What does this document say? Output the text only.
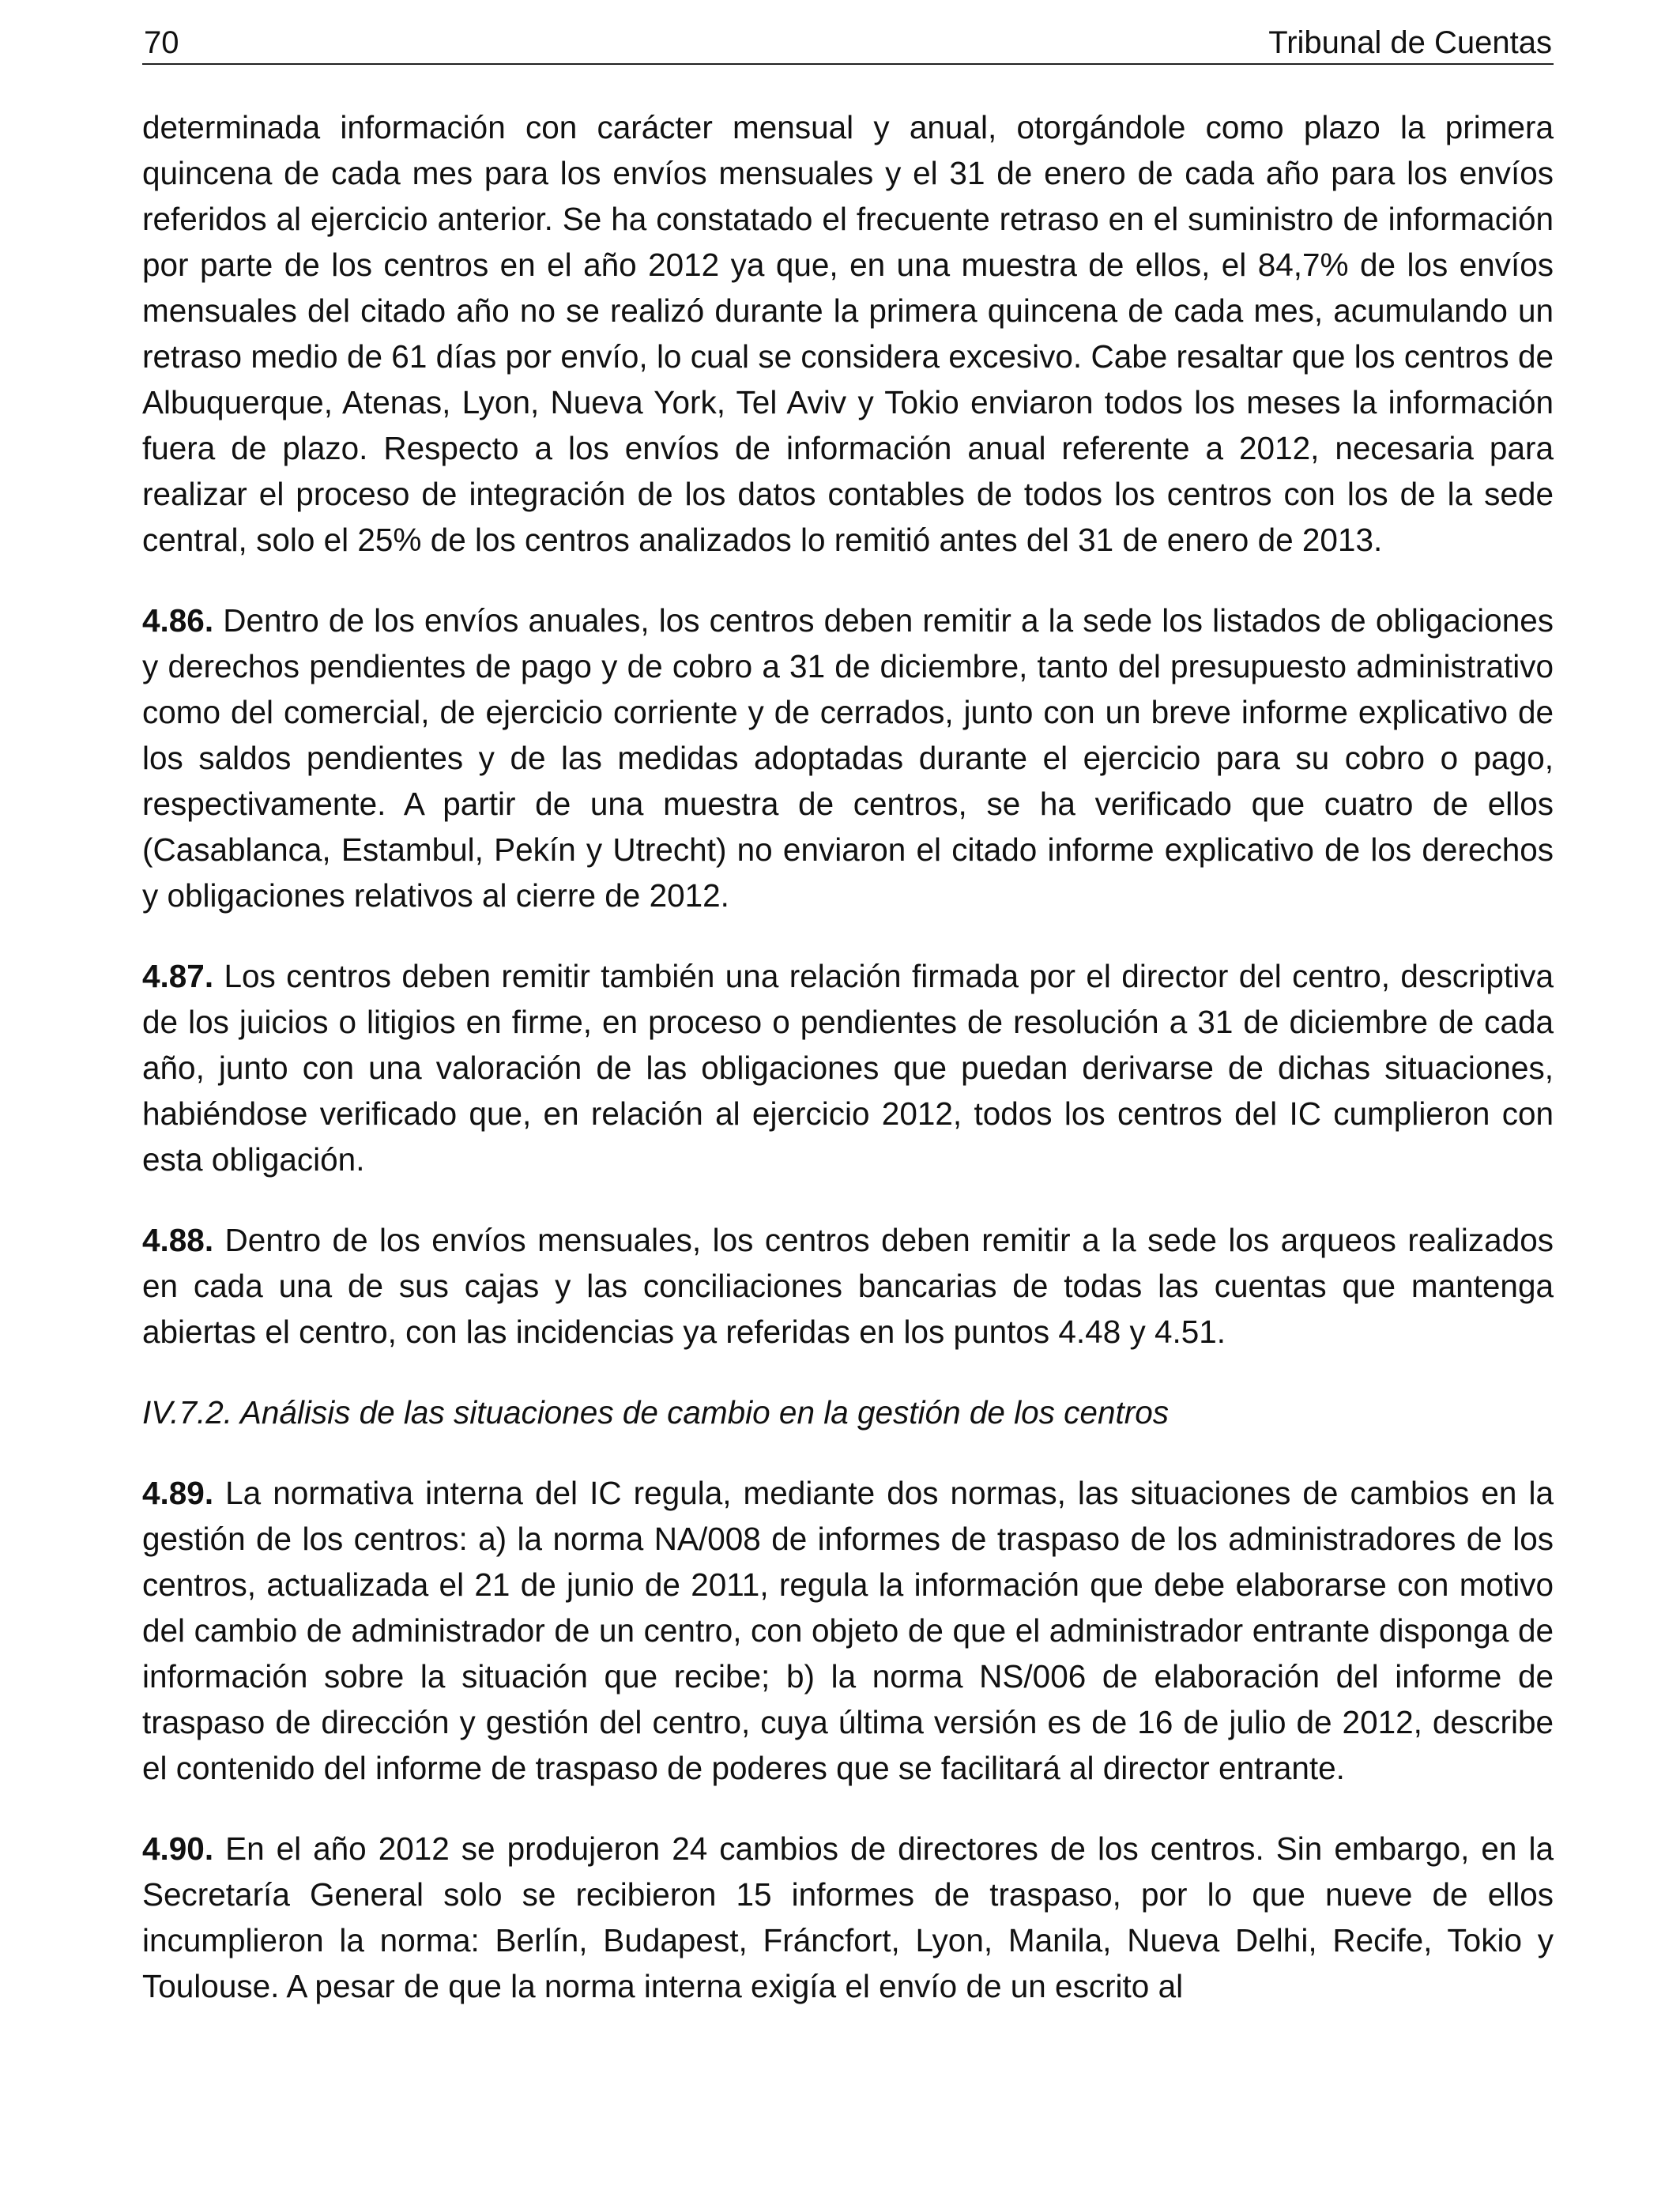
70	Tribunal de Cuentas

determinada información con carácter mensual y anual, otorgándole como plazo la primera quincena de cada mes para los envíos mensuales y el 31 de enero de cada año para los envíos referidos al ejercicio anterior. Se ha constatado el frecuente retraso en el suministro de información por parte de los centros en el año 2012 ya que, en una muestra de ellos, el 84,7% de los envíos mensuales del citado año no se realizó durante la primera quincena de cada mes, acumulando un retraso medio de 61 días por envío, lo cual se considera excesivo. Cabe resaltar que los centros de Albuquerque, Atenas, Lyon, Nueva York, Tel Aviv y Tokio enviaron todos los meses la información fuera de plazo. Respecto a los envíos de información anual referente a 2012, necesaria para realizar el proceso de integración de los datos contables de todos los centros con los de la sede central, solo el 25% de los centros analizados lo remitió antes del 31 de enero de 2013.

4.86. Dentro de los envíos anuales, los centros deben remitir a la sede los listados de obligaciones y derechos pendientes de pago y de cobro a 31 de diciembre, tanto del presupuesto administrativo como del comercial, de ejercicio corriente y de cerrados, junto con un breve informe explicativo de los saldos pendientes y de las medidas adoptadas durante el ejercicio para su cobro o pago, respectivamente. A partir de una muestra de centros, se ha verificado que cuatro de ellos (Casablanca, Estambul, Pekín y Utrecht) no enviaron el citado informe explicativo de los derechos y obligaciones relativos al cierre de 2012.

4.87. Los centros deben remitir también una relación firmada por el director del centro, descriptiva de los juicios o litigios en firme, en proceso o pendientes de resolución a 31 de diciembre de cada año, junto con una valoración de las obligaciones que puedan derivarse de dichas situaciones, habiéndose verificado que, en relación al ejercicio 2012, todos los centros del IC cumplieron con esta obligación.

4.88. Dentro de los envíos mensuales, los centros deben remitir a la sede los arqueos realizados en cada una de sus cajas y las conciliaciones bancarias de todas las cuentas que mantenga abiertas el centro, con las incidencias ya referidas en los puntos 4.48 y 4.51.

IV.7.2. Análisis de las situaciones de cambio en la gestión de los centros

4.89. La normativa interna del IC regula, mediante dos normas, las situaciones de cambios en la gestión de los centros: a) la norma NA/008 de informes de traspaso de los administradores de los centros, actualizada el 21 de junio de 2011, regula la información que debe elaborarse con motivo del cambio de administrador de un centro, con objeto de que el administrador entrante disponga de información sobre la situación que recibe; b) la norma NS/006 de elaboración del informe de traspaso de dirección y gestión del centro, cuya última versión es de 16 de julio de 2012, describe el contenido del informe de traspaso de poderes que se facilitará al director entrante.

4.90. En el año 2012 se produjeron 24 cambios de directores de los centros. Sin embargo, en la Secretaría General solo se recibieron 15 informes de traspaso, por lo que nueve de ellos incumplieron la norma: Berlín, Budapest, Fráncfort, Lyon, Manila, Nueva Delhi, Recife, Tokio y Toulouse. A pesar de que la norma interna exigía el envío de un escrito al
